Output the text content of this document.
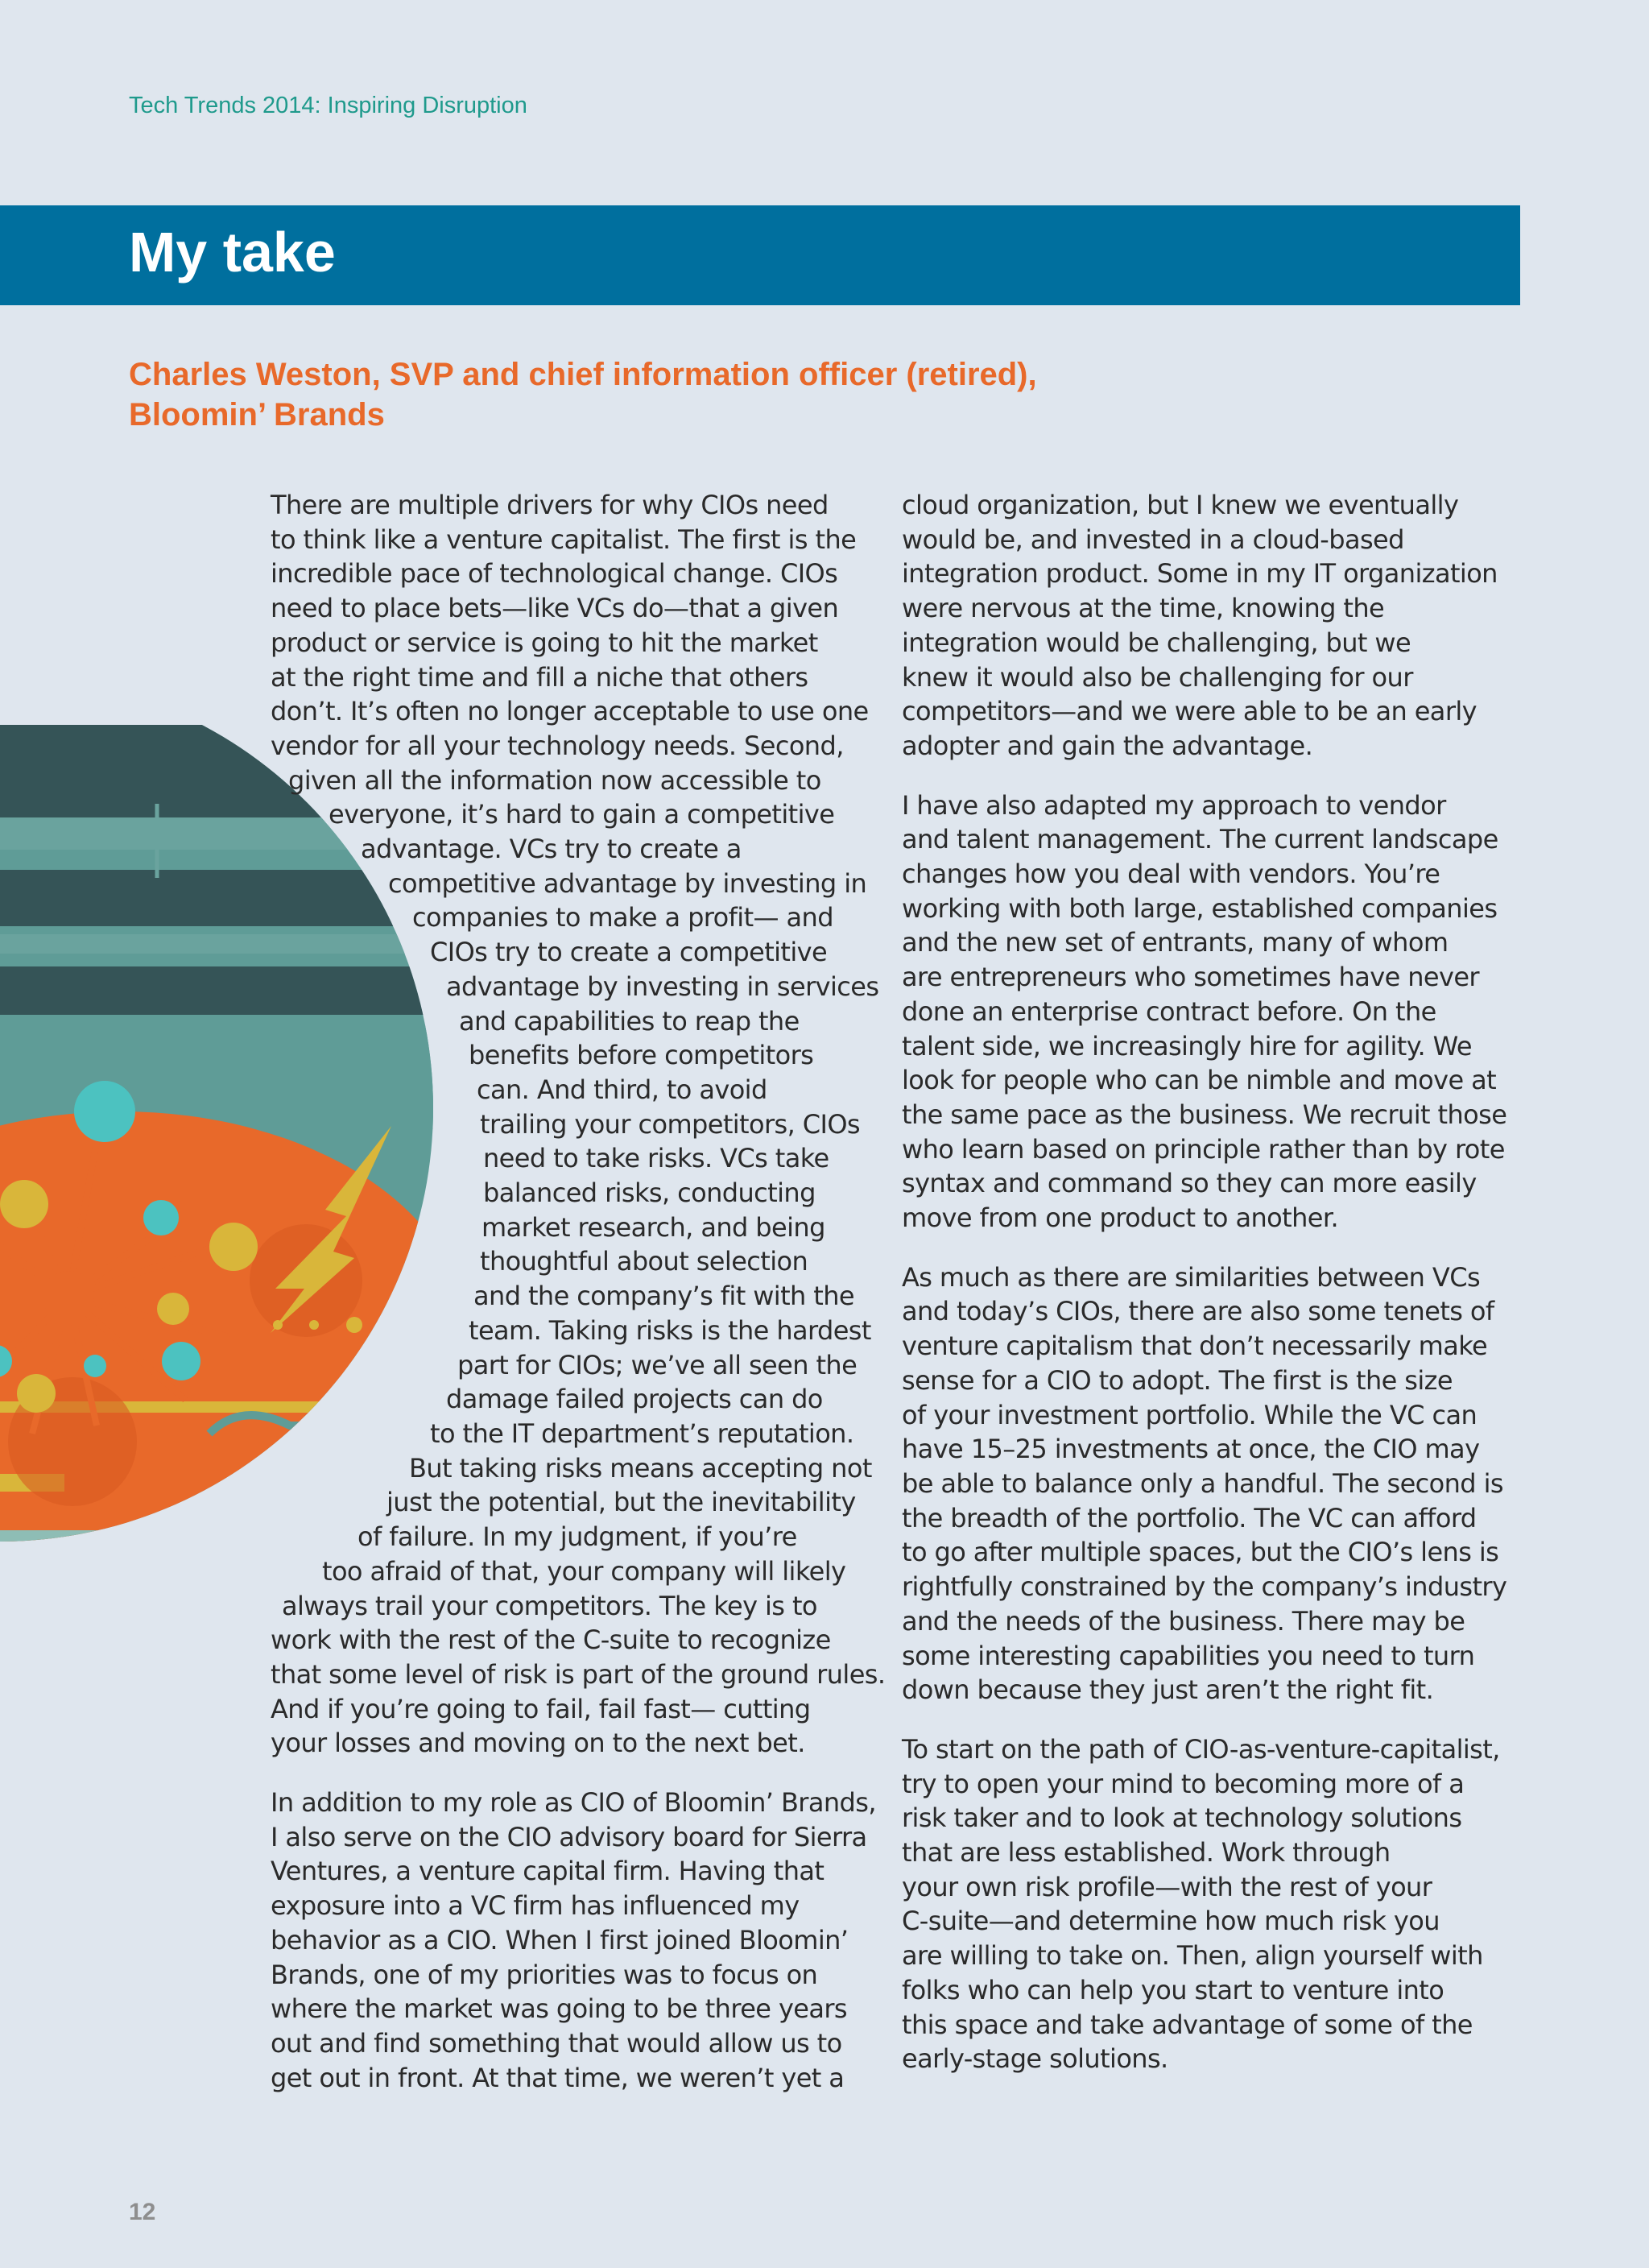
Tech Trends 2014: Inspiring Disruption
My take
Charles Weston, SVP and chief information officer (retired),
Bloomin’ Brands

There are multiple drivers for why CIOs need
to think like a venture capitalist. The first is the
incredible pace of technological change. CIOs
need to place bets—like VCs do—that a given
product or service is going to hit the market
at the right time and fill a niche that others
don’t. It’s often no longer acceptable to use one
vendor for all your technology needs. Second,
given all the information now accessible to
everyone, it’s hard to gain a competitive
advantage. VCs try to create a
competitive advantage by investing in
companies to make a profit— and
CIOs try to create a competitive
advantage by investing in services
and capabilities to reap the
benefits before competitors
can. And third, to avoid
trailing your competitors, CIOs
need to take risks. VCs take
balanced risks, conducting
market research, and being
thoughtful about selection
and the company’s fit with the
team. Taking risks is the hardest
part for CIOs; we’ve all seen the
damage failed projects can do
to the IT department’s reputation.
But taking risks means accepting not
just the potential, but the inevitability
of failure. In my judgment, if you’re
too afraid of that, your company will likely
always trail your competitors. The key is to
work with the rest of the C-suite to recognize
that some level of risk is part of the ground rules.
And if you’re going to fail, fail fast— cutting
your losses and moving on to the next bet.

In addition to my role as CIO of Bloomin’ Brands,
I also serve on the CIO advisory board for Sierra
Ventures, a venture capital firm. Having that
exposure into a VC firm has influenced my
behavior as a CIO. When I first joined Bloomin’
Brands, one of my priorities was to focus on
where the market was going to be three years
out and find something that would allow us to
get out in front. At that time, we weren’t yet a

cloud organization, but I knew we eventually
would be, and invested in a cloud-based
integration product. Some in my IT organization
were nervous at the time, knowing the
integration would be challenging, but we
knew it would also be challenging for our
competitors—and we were able to be an early
adopter and gain the advantage.

I have also adapted my approach to vendor
and talent management. The current landscape
changes how you deal with vendors. You’re
working with both large, established companies
and the new set of entrants, many of whom
are entrepreneurs who sometimes have never
done an enterprise contract before. On the
talent side, we increasingly hire for agility. We
look for people who can be nimble and move at
the same pace as the business. We recruit those
who learn based on principle rather than by rote
syntax and command so they can more easily
move from one product to another.

As much as there are similarities between VCs
and today’s CIOs, there are also some tenets of
venture capitalism that don’t necessarily make
sense for a CIO to adopt. The first is the size
of your investment portfolio. While the VC can
have 15–25 investments at once, the CIO may
be able to balance only a handful. The second is
the breadth of the portfolio. The VC can afford
to go after multiple spaces, but the CIO’s lens is
rightfully constrained by the company’s industry
and the needs of the business. There may be
some interesting capabilities you need to turn
down because they just aren’t the right fit.

To start on the path of CIO-as-venture-capitalist,
try to open your mind to becoming more of a
risk taker and to look at technology solutions
that are less established. Work through
your own risk profile—with the rest of your
C-suite—and determine how much risk you
are willing to take on. Then, align yourself with
folks who can help you start to venture into
this space and take advantage of some of the
early-stage solutions.

12
